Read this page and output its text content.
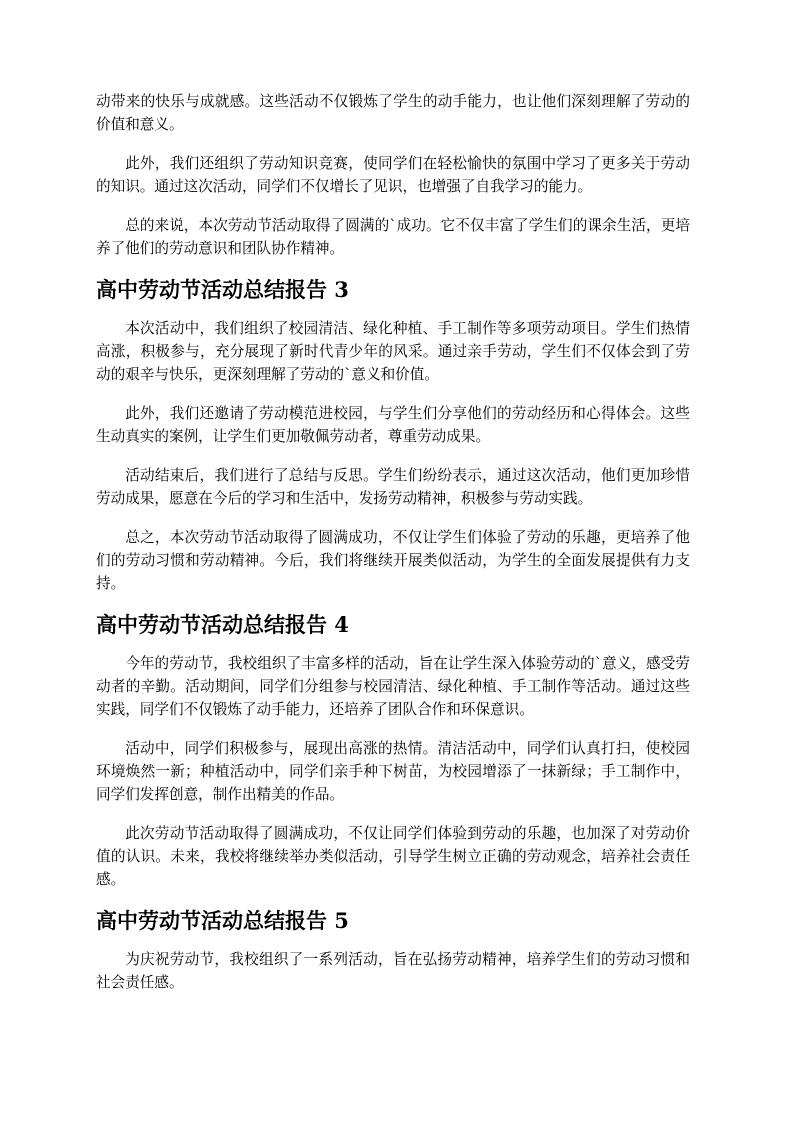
动带来的快乐与成就感。这些活动不仅锻炼了学生的动手能力，也让他们深刻理解了劳动的价值和意义。

此外，我们还组织了劳动知识竞赛，使同学们在轻松愉快的氛围中学习了更多关于劳动的知识。通过这次活动，同学们不仅增长了见识，也增强了自我学习的能力。

总的来说，本次劳动节活动取得了圆满的`成功。它不仅丰富了学生们的课余生活，更培养了他们的劳动意识和团队协作精神。

高中劳动节活动总结报告 3

本次活动中，我们组织了校园清洁、绿化种植、手工制作等多项劳动项目。学生们热情高涨，积极参与，充分展现了新时代青少年的风采。通过亲手劳动，学生们不仅体会到了劳动的艰辛与快乐，更深刻理解了劳动的`意义和价值。

此外，我们还邀请了劳动模范进校园，与学生们分享他们的劳动经历和心得体会。这些生动真实的案例，让学生们更加敬佩劳动者，尊重劳动成果。

活动结束后，我们进行了总结与反思。学生们纷纷表示，通过这次活动，他们更加珍惜劳动成果，愿意在今后的学习和生活中，发扬劳动精神，积极参与劳动实践。

总之，本次劳动节活动取得了圆满成功，不仅让学生们体验了劳动的乐趣，更培养了他们的劳动习惯和劳动精神。今后，我们将继续开展类似活动，为学生的全面发展提供有力支持。

高中劳动节活动总结报告 4

今年的劳动节，我校组织了丰富多样的活动，旨在让学生深入体验劳动的`意义，感受劳动者的辛勤。活动期间，同学们分组参与校园清洁、绿化种植、手工制作等活动。通过这些实践，同学们不仅锻炼了动手能力，还培养了团队合作和环保意识。

活动中，同学们积极参与，展现出高涨的热情。清洁活动中，同学们认真打扫，使校园环境焕然一新；种植活动中，同学们亲手种下树苗，为校园增添了一抹新绿；手工制作中，同学们发挥创意，制作出精美的作品。

此次劳动节活动取得了圆满成功，不仅让同学们体验到劳动的乐趣，也加深了对劳动价值的认识。未来，我校将继续举办类似活动，引导学生树立正确的劳动观念，培养社会责任感。

高中劳动节活动总结报告 5

为庆祝劳动节，我校组织了一系列活动，旨在弘扬劳动精神，培养学生们的劳动习惯和社会责任感。
